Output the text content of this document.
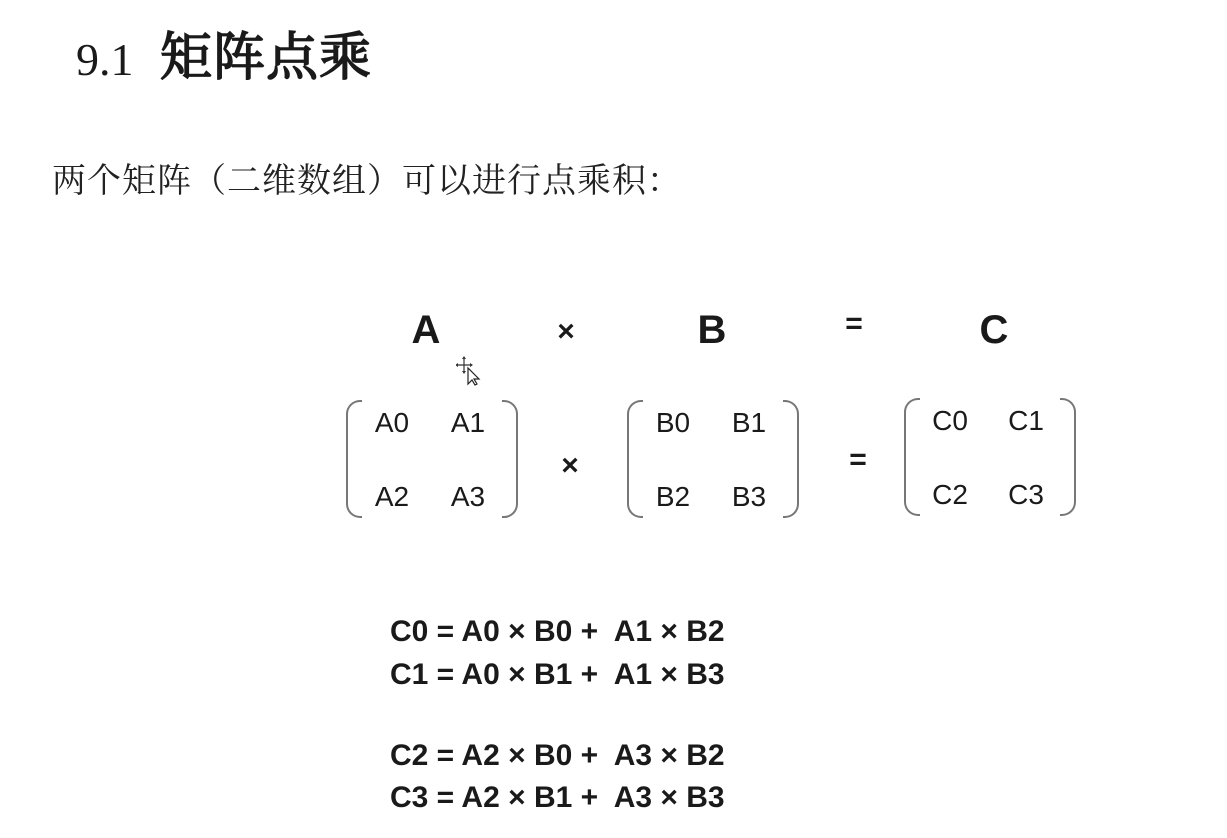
9.1 矩阵点乘
两个矩阵（二维数组）可以进行点乘积：
A	×	B	=	C
A0	A1
A2	A3
×
B0	B1
B2	B3
=
C0	C1
C2	C3
C0 = A0 × B0 +  A1 × B2
C1 = A0 × B1 +  A1 × B3
C2 = A2 × B0 +  A3 × B2
C3 = A2 × B1 +  A3 × B3
